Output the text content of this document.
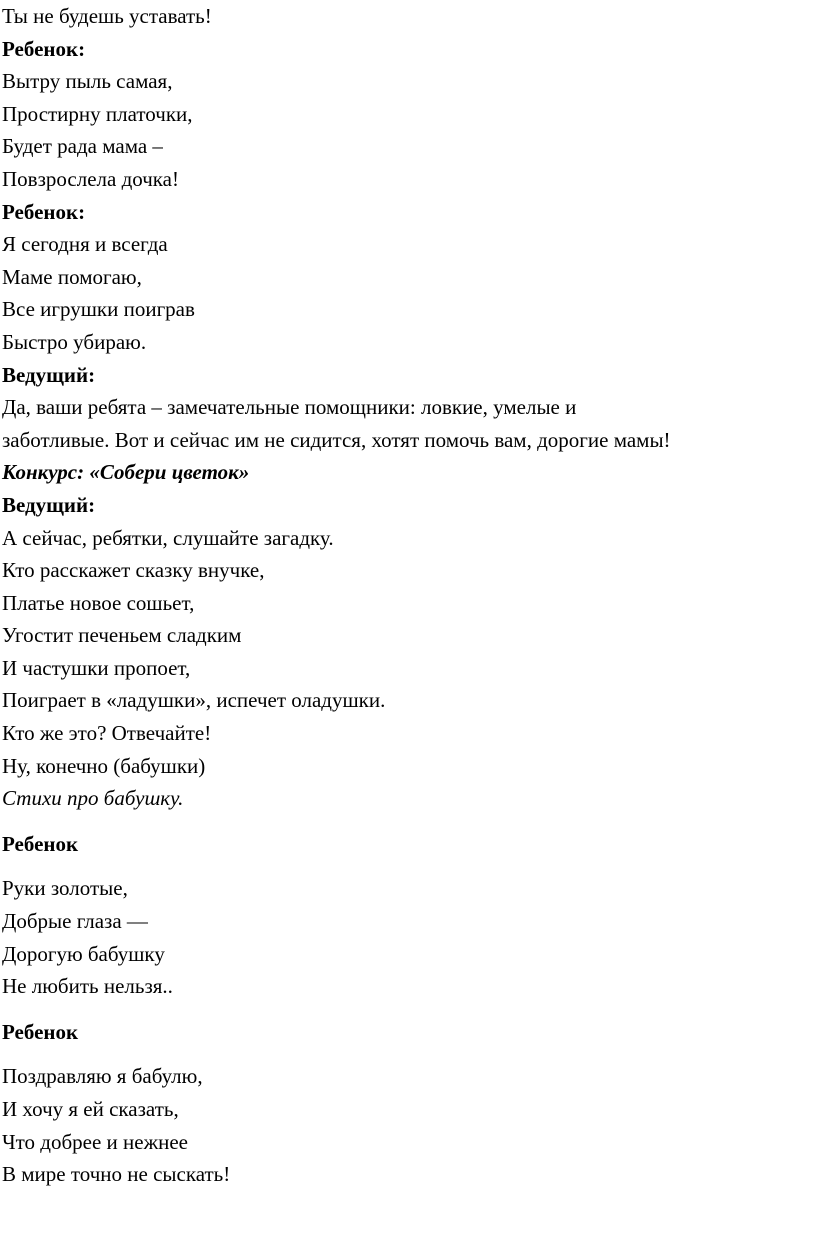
Ты не будешь уставать!

Ребенок:

Вытру пыль самая,

Простирну платочки,

Будет рада мама –

Повзрослела дочка!

Ребенок:

Я сегодня и всегда

Маме помогаю,

Все игрушки поиграв

Быстро убираю.

Ведущий:

Да, ваши ребята – замечательные помощники: ловкие, умелые и

заботливые. Вот и сейчас им не сидится, хотят помочь вам, дорогие мамы!

Конкурс: «Собери цветок»

Ведущий:

А сейчас, ребятки, слушайте загадку.

Кто расскажет сказку внучке,

Платье новое сошьет,

Угостит печеньем сладким

И частушки пропоет,

Поиграет в «ладушки», испечет оладушки.

Кто же это? Отвечайте!

Ну, конечно (бабушки)

Стихи про бабушку.

Ребенок

Руки золотые,

Добрые глаза —

Дорогую бабушку

Не любить нельзя..

Ребенок

Поздравляю я бабулю,

И хочу я ей сказать,

Что добрее и нежнее

В мире точно не сыскать!
